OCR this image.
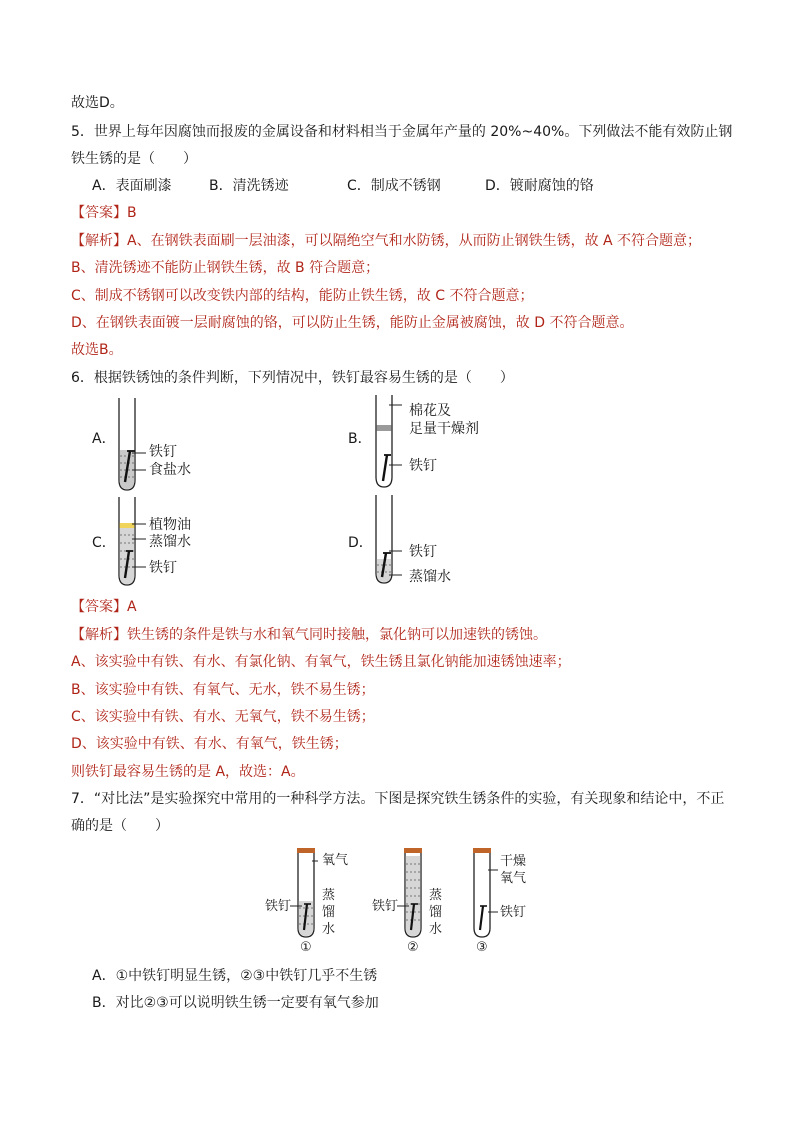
故选D。
5．世界上每年因腐蚀而报废的金属设备和材料相当于金属年产量的 20%~40%。下列做法不能有效防止钢
铁生锈的是（　　）
A．表面刷漆	B．清洗锈迹	C．制成不锈钢	D．镀耐腐蚀的铬
【答案】B
【解析】A、在钢铁表面刷一层油漆，可以隔绝空气和水防锈，从而防止钢铁生锈，故 A 不符合题意；
B、清洗锈迹不能防止钢铁生锈，故 B 符合题意；
C、制成不锈钢可以改变铁内部的结构，能防止铁生锈，故 C 不符合题意；
D、在钢铁表面镀一层耐腐蚀的铬，可以防止生锈，能防止金属被腐蚀，故 D 不符合题意。
故选B。
6．根据铁锈蚀的条件判断，下列情况中，铁钉最容易生锈的是（　　）
A．
铁钉
食盐水
B．
棉花及
足量干燥剂
铁钉
C．
植物油
蒸馏水
铁钉
D．
铁钉
蒸馏水
【答案】A
【解析】铁生锈的条件是铁与水和氧气同时接触，氯化钠可以加速铁的锈蚀。
A、该实验中有铁、有水、有氯化钠、有氧气，铁生锈且氯化钠能加速锈蚀速率；
B、该实验中有铁、有氧气、无水，铁不易生锈；
C、该实验中有铁、有水、无氧气，铁不易生锈；
D、该实验中有铁、有水、有氧气，铁生锈；
则铁钉最容易生锈的是 A，故选：A。
7．“对比法”是实验探究中常用的一种科学方法。下图是探究铁生锈条件的实验，有关现象和结论中，不正
确的是（　　）
氧气
铁钉
蒸
馏
水
①
铁钉
蒸
馏
水
②
干燥
氧气
铁钉
③
A．①中铁钉明显生锈，②③中铁钉几乎不生锈
B．对比②③可以说明铁生锈一定要有氧气参加
